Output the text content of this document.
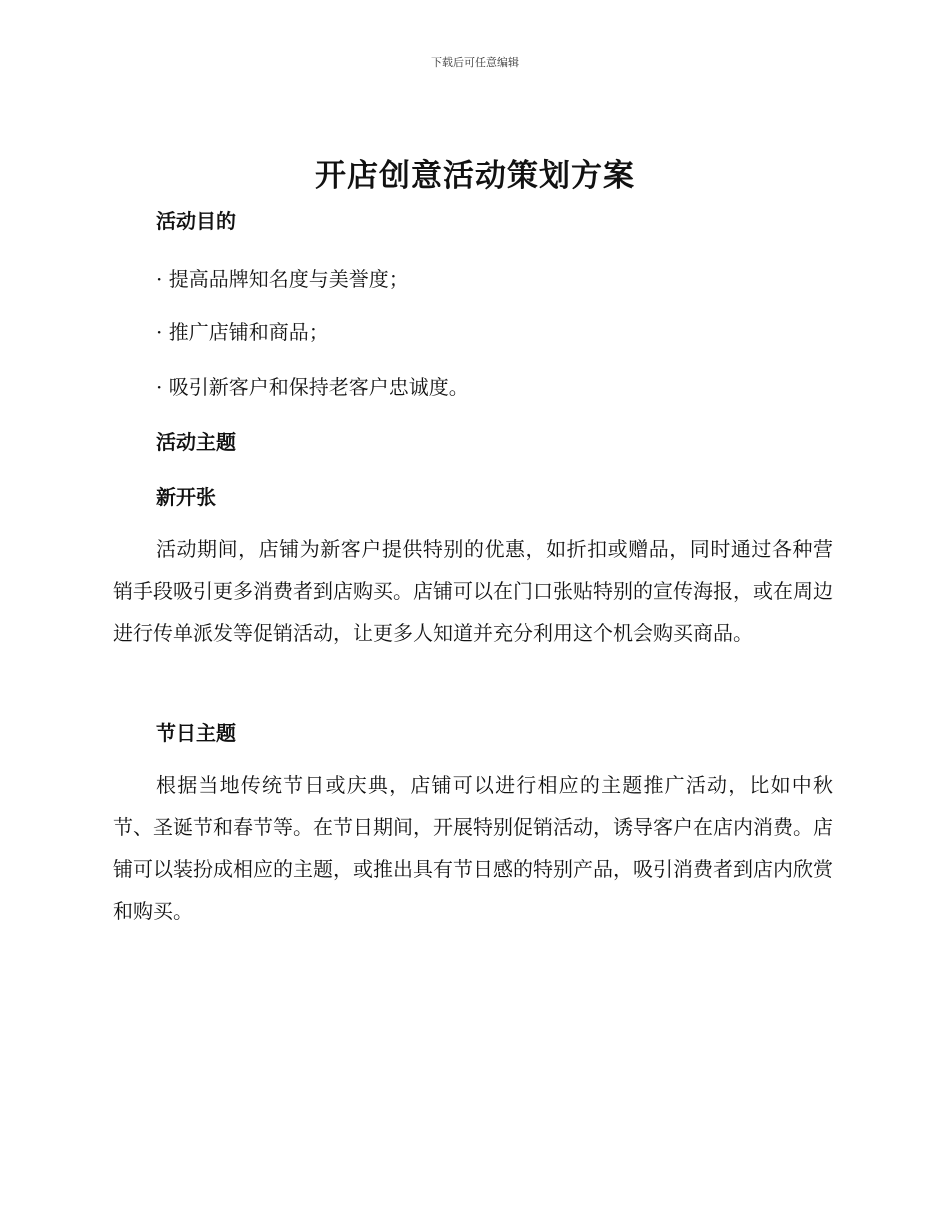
下载后可任意编辑
开店创意活动策划方案
活动目的

· 提高品牌知名度与美誉度；

· 推广店铺和商品；

· 吸引新客户和保持老客户忠诚度。

活动主题
新开张

活动期间，店铺为新客户提供特别的优惠，如折扣或赠品，同时通过各种营销手段吸引更多消费者到店购买。店铺可以在门口张贴特别的宣传海报，或在周边进行传单派发等促销活动，让更多人知道并充分利用这个机会购买商品。

节日主题

根据当地传统节日或庆典，店铺可以进行相应的主题推广活动，比如中秋节、圣诞节和春节等。在节日期间，开展特别促销活动，诱导客户在店内消费。店铺可以装扮成相应的主题，或推出具有节日感的特别产品，吸引消费者到店内欣赏和购买。
